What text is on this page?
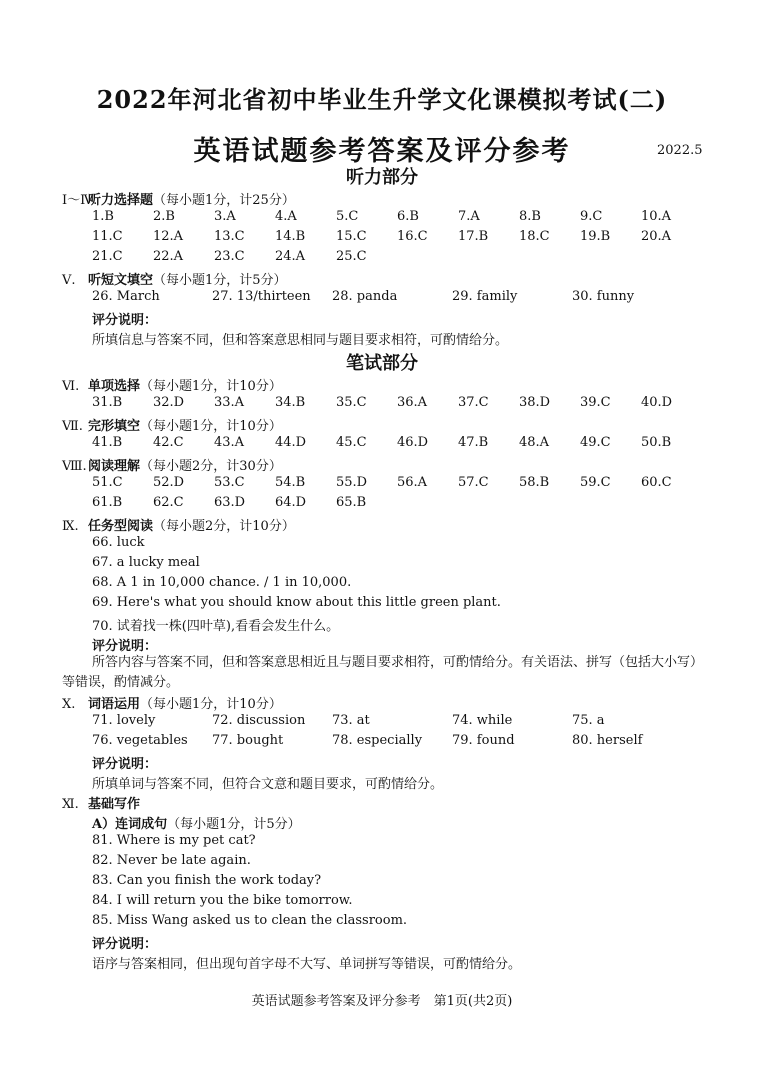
2022年河北省初中毕业生升学文化课模拟考试(二)
英语试题参考答案及评分参考	2022.5
听力部分
Ⅰ～Ⅳ.听力选择题（每小题1分，计25分）
1.B	2.B	3.A	4.A	5.C	6.B	7.A	8.B	9.C	10.A
11.C 12.A 13.C 14.B 15.C 16.C 17.B 18.C 19.B 20.A
21.C 22.A 23.C 24.A 25.C
Ⅴ. 听短文填空（每小题1分，计5分）
26. March	27. 13/thirteen 28. panda	29. family	30. funny
评分说明：
所填信息与答案不同，但和答案意思相同与题目要求相符，可酌情给分。
笔试部分
Ⅵ. 单项选择（每小题1分，计10分）
31.B 32.D 33.A 34.B 35.C 36.A 37.C 38.D 39.C 40.D
Ⅶ. 完形填空（每小题1分，计10分）
41.B 42.C 43.A 44.D 45.C 46.D 47.B 48.A 49.C 50.B
Ⅷ.阅读理解（每小题2分，计30分）
51.C 52.D 53.C 54.B 55.D 56.A 57.C 58.B 59.C 60.C
61.B 62.C 63.D 64.D 65.B
Ⅸ. 任务型阅读（每小题2分，计10分）
66. luck
67. a lucky meal
68. A 1 in 10,000 chance. / 1 in 10,000.
69. Here's what you should know about this little green plant.
70. 试着找一株(四叶草),看看会发生什么。
评分说明：
所答内容与答案不同，但和答案意思相近且与题目要求相符，可酌情给分。有关语法、拼写（包括大小写）等错误，酌情减分。
Ⅹ. 词语运用（每小题1分，计10分）
71. lovely	72. discussion 73. at	74. while	75. a
76. vegetables 77. bought	78. especially 79. found	80. herself
评分说明：
所填单词与答案不同，但符合文意和题目要求，可酌情给分。
Ⅺ. 基础写作
A）连词成句（每小题1分，计5分）
81. Where is my pet cat?
82. Never be late again.
83. Can you finish the work today?
84. I will return you the bike tomorrow.
85. Miss Wang asked us to clean the classroom.
评分说明：
语序与答案相同，但出现句首字母不大写、单词拼写等错误，可酌情给分。
英语试题参考答案及评分参考　第1页(共2页)
